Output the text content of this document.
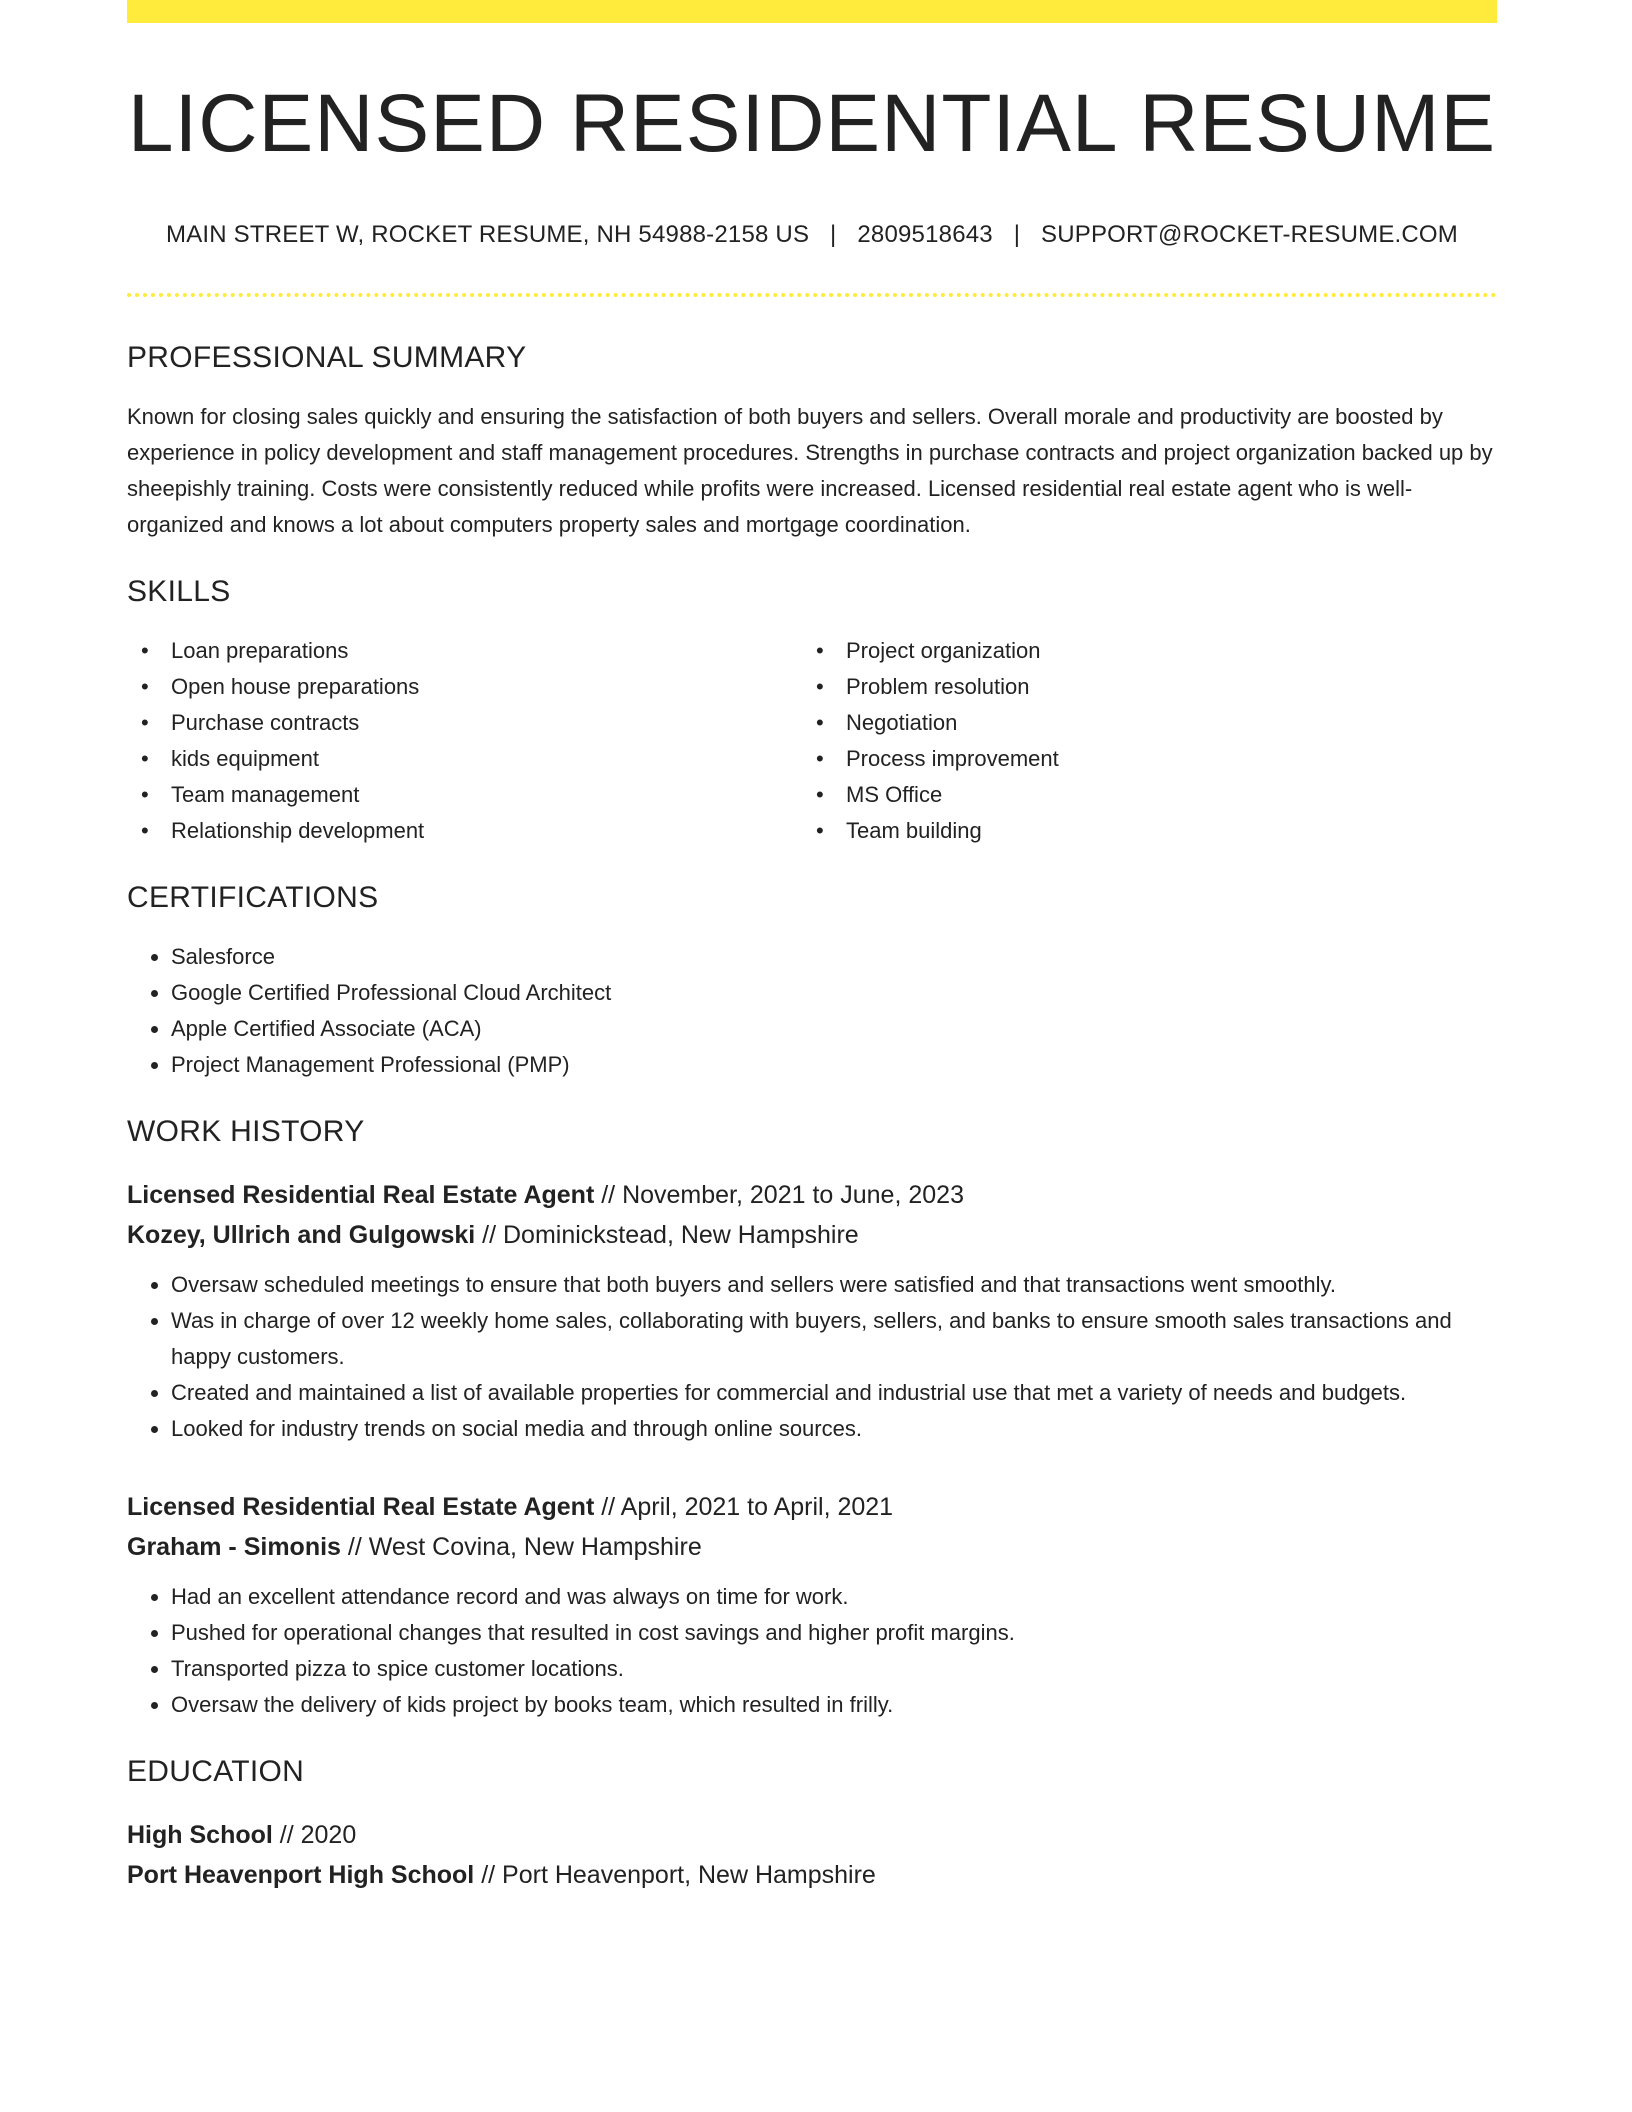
LICENSED RESIDENTIAL RESUME
MAIN STREET W, ROCKET RESUME, NH 54988-2158 US | 2809518643 | SUPPORT@ROCKET-RESUME.COM
PROFESSIONAL SUMMARY
Known for closing sales quickly and ensuring the satisfaction of both buyers and sellers. Overall morale and productivity are boosted by experience in policy development and staff management procedures. Strengths in purchase contracts and project organization backed up by sheepishly training. Costs were consistently reduced while profits were increased. Licensed residential real estate agent who is well-organized and knows a lot about computers property sales and mortgage coordination.
SKILLS
• Loan preparations	• Project organization
• Open house preparations	• Problem resolution
• Purchase contracts	• Negotiation
• kids equipment	• Process improvement
• Team management	• MS Office
• Relationship development	• Team building
CERTIFICATIONS
• Salesforce
• Google Certified Professional Cloud Architect
• Apple Certified Associate (ACA)
• Project Management Professional (PMP)
WORK HISTORY
Licensed Residential Real Estate Agent // November, 2021 to June, 2023
Kozey, Ullrich and Gulgowski // Dominickstead, New Hampshire
• Oversaw scheduled meetings to ensure that both buyers and sellers were satisfied and that transactions went smoothly.
• Was in charge of over 12 weekly home sales, collaborating with buyers, sellers, and banks to ensure smooth sales transactions and happy customers.
• Created and maintained a list of available properties for commercial and industrial use that met a variety of needs and budgets.
• Looked for industry trends on social media and through online sources.
Licensed Residential Real Estate Agent // April, 2021 to April, 2021
Graham - Simonis // West Covina, New Hampshire
• Had an excellent attendance record and was always on time for work.
• Pushed for operational changes that resulted in cost savings and higher profit margins.
• Transported pizza to spice customer locations.
• Oversaw the delivery of kids project by books team, which resulted in frilly.
EDUCATION
High School // 2020
Port Heavenport High School // Port Heavenport, New Hampshire
